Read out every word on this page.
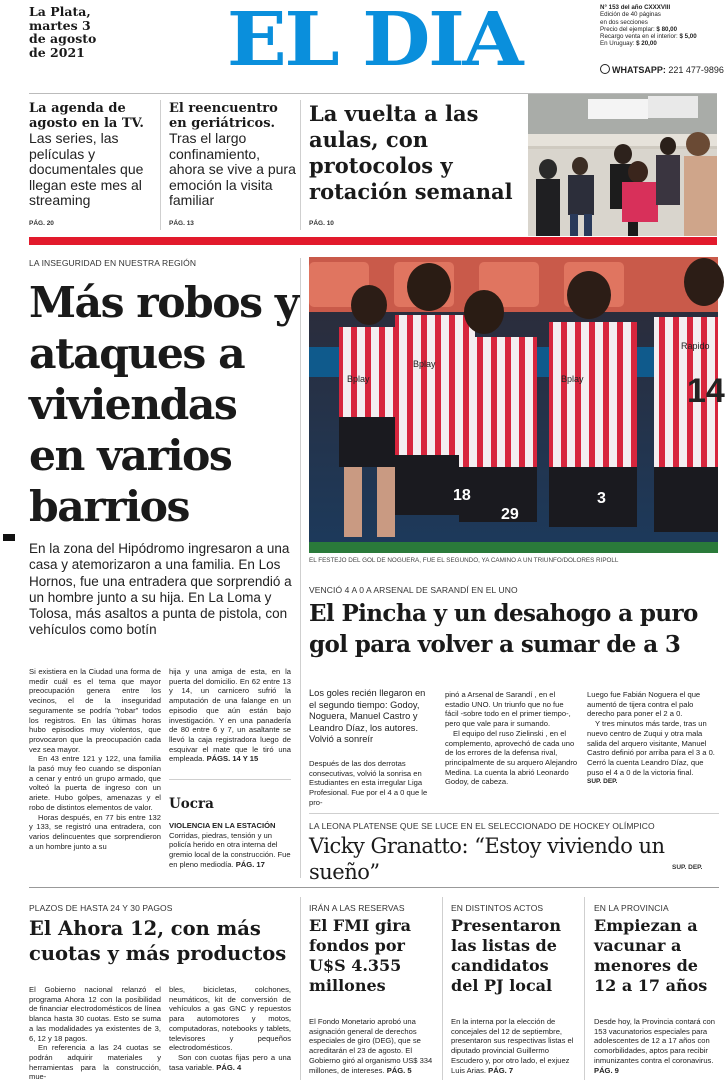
La Plata,
martes 3
de agosto
de 2021	EL DIA	N° 153 del año CXXXVIII
Edición de 40 páginas
en dos secciones
Precio del ejemplar: $ 80,00
Recargo venta en el interior: $ 5,00
En Uruguay: $ 20,00
WHATSAPP: 221 477-9896
La agenda de agosto en la TV.
Las series, las películas y documentales que llegan este mes al streaming
PÁG. 20
El reencuentro en geriátricos.
Tras el largo confinamiento, ahora se vive a pura emoción la visita familiar
PÁG. 13
La vuelta a las aulas, con protocolos y rotación semanal
PÁG. 10
LA INSEGURIDAD EN NUESTRA REGIÓN
Más robos y ataques a viviendas en varios barrios
En la zona del Hipódromo ingresaron a una casa y atemorizaron a una familia. En Los Hornos, fue una entradera que sorprendió a un hombre junto a su hija. En La Loma y Tolosa, más asaltos a punta de pistola, con vehículos como botín

Si existiera en la Ciudad una forma de medir cuál es el tema que mayor preocupación genera entre los vecinos, el de la inseguridad seguramente se podría "robar" todos los registros. En las últimas horas hubo episodios muy violentos, que provocaron que la preocupación cada vez sea mayor.

En 43 entre 121 y 122, una familia la pasó muy feo cuando se disponían a cenar y entró un grupo armado, que volteó la puerta de ingreso con un ariete. Hubo golpes, amenazas y el robo de distintos elementos de valor.

Horas después, en 77 bis entre 132 y 133, se registró una entradera, con varios delincuentes que sorprendieron a un hombre junto a su

hija y una amiga de esta, en la puerta del domicilio. En 62 entre 13 y 14, un carnicero sufrió la amputación de una falange en un episodio que aún están bajo investigación. Y en una panadería de 80 entre 6 y 7, un asaltante se llevó la caja registradora luego de esquivar el mate que le tiró una empleada. PÁGS. 14 Y 15

Uocra

VIOLENCIA EN LA ESTACIÓN Corridas, piedras, tensión y un policía herido en otra interna del gremio local de la construcción. Fue en pleno mediodía. PÁG. 17

18
29
3
14
Bplay
Bplay
Bplay
Rapido
EL FESTEJO DEL GOL DE NOGUERA, FUE EL SEGUNDO, YA CAMINO A UN TRIUNFO/DOLORES RIPOLL
VENCIÓ 4 A 0 A ARSENAL DE SARANDÍ EN EL UNO
El Pincha y un desahogo a puro gol para volver a sumar de a 3
Los goles recién llegaron en el segundo tiempo: Godoy, Noguera, Manuel Castro y Leandro Díaz, los autores. Volvió a sonreír

Después de las dos derrotas consecutivas, volvió la sonrisa en Estudiantes en esta irregular Liga Profesional. Fue por el 4 a 0 que le pro-

pinó a Arsenal de Sarandí , en el estadio UNO. Un triunfo que no fue fácil -sobre todo en el primer tiempo-, pero que vale para ir sumando.

El equipo del ruso Zielinski , en el complemento, aprovechó de cada uno de los errores de la defensa rival, principalmente de su arquero Alejandro Medina. La cuenta la abrió Leonardo Godoy, de cabeza.

Luego fue Fabián Noguera el que aumentó de tijera contra el palo derecho para poner el 2 a 0.

Y tres minutos más tarde, tras un nuevo centro de Zuqui y otra mala salida del arquero visitante, Manuel Castro definió por arriba para el 3 a 0. Cerró la cuenta Leandro Díaz, que puso el 4 a 0 de la victoria final.

SUP. DEP.

LA LEONA PLATENSE QUE SE LUCE EN EL SELECCIONADO DE HOCKEY OLÍMPICO
Vicky Granatto: “Estoy viviendo un sueño”	SUP. DEP.
PLAZOS DE HASTA 24 Y 30 PAGOS
El Ahora 12, con más cuotas y más productos

El Gobierno nacional relanzó el programa Ahora 12 con la posibilidad de financiar electrodomésticos de línea blanca hasta 30 cuotas. Esto se suma a las modalidades ya existentes de 3, 6, 12 y 18 pagos.

En referencia a las 24 cuotas se podrán adquirir materiales y herramientas para la construcción, mue-

bles, bicicletas, colchones, neumáticos, kit de conversión de vehículos a gas GNC y repuestos para automotores y motos, computadoras, notebooks y tablets, televisores y pequeños electrodomésticos.

Son con cuotas fijas pero a una tasa variable. PÁG. 4

IRÁN A LAS RESERVAS
El FMI gira fondos por U$S 4.355 millones

El Fondo Monetario aprobó una asignación general de derechos especiales de giro (DEG), que se acreditarán el 23 de agosto. El Gobierno giró al organismo US$ 334 millones, de intereses. PÁG. 5

EN DISTINTOS ACTOS
Presentaron las listas de candidatos del PJ local

En la interna por la elección de concejales del 12 de septiembre, presentaron sus respectivas listas el diputado provincial Guillermo Escudero y, por otro lado, el exjuez Luis Arias. PÁG. 7

EN LA PROVINCIA
Empiezan a vacunar a menores de 12 a 17 años

Desde hoy, la Provincia contará con 153 vacunatorios especiales para adolescentes de 12 a 17 años con comorbilidades, aptos para recibir inmunizantes contra el coronavirus. PÁG. 9
